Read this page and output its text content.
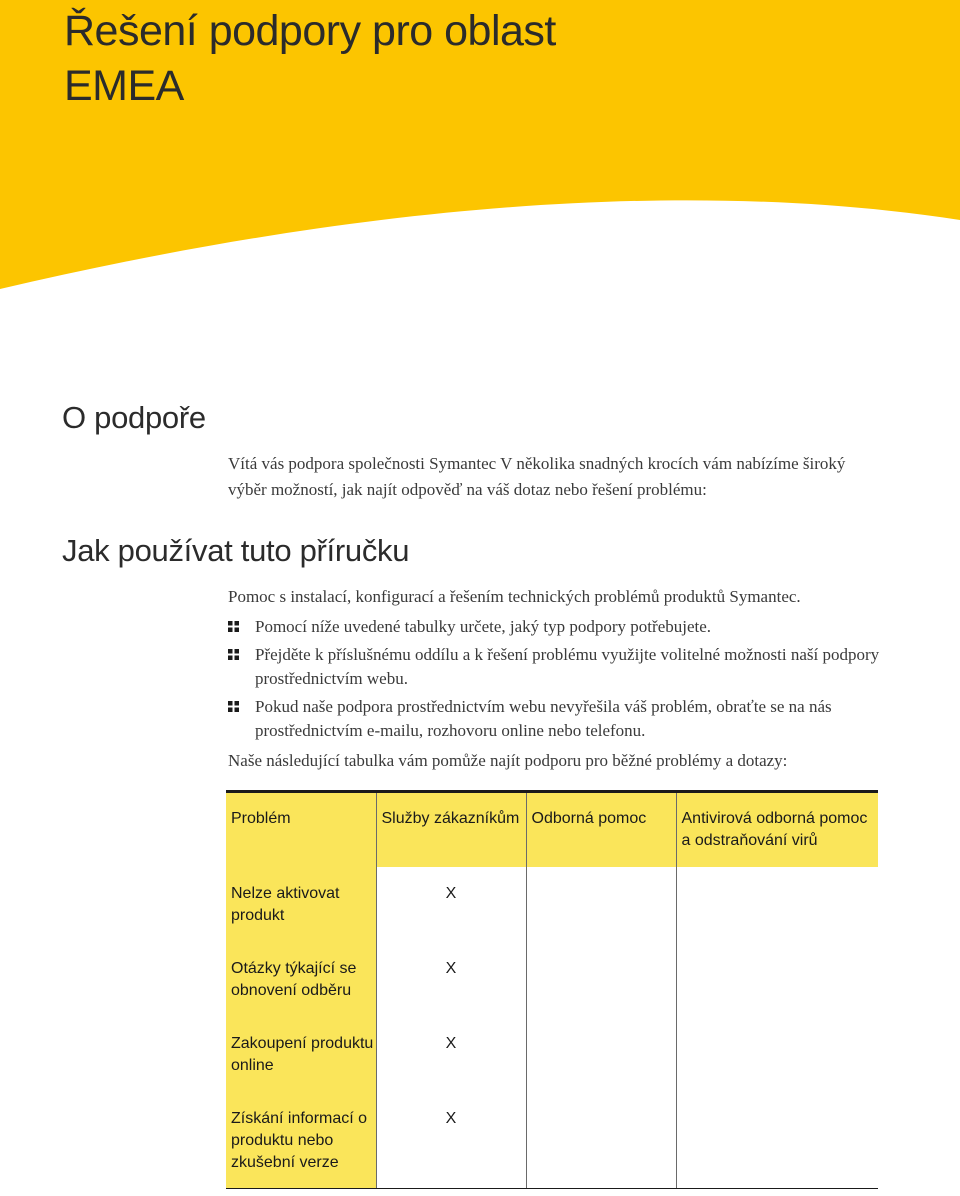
Řešení podpory pro oblast
EMEA
O podpoře

Vítá vás podpora společnosti Symantec V několika snadných krocích vám nabízíme široký
výběr možností, jak najít odpověď na váš dotaz nebo řešení problému:

Jak používat tuto příručku

Pomoc s instalací, konfigurací a řešením technických problémů produktů Symantec.

Pomocí níže uvedené tabulky určete, jaký typ podpory potřebujete.
Přejděte k příslušnému oddílu a k řešení problému využijte volitelné možnosti naší podpory
prostřednictvím webu.
Pokud naše podpora prostřednictvím webu nevyřešila váš problém, obraťte se na nás
prostřednictvím e-mailu, rozhovoru online nebo telefonu.

Naše následující tabulka vám pomůže najít podporu pro běžné problémy a dotazy:

Problém	Služby zákazníkům	Odborná pomoc	Antivirová odborná pomoc
a odstraňování virů

Nelze aktivovat
produkt	X		

Otázky týkající se
obnovení odběru	X		

Zakoupení produktu
online	X		

Získání informací o
produktu nebo
zkušební verze	X		
